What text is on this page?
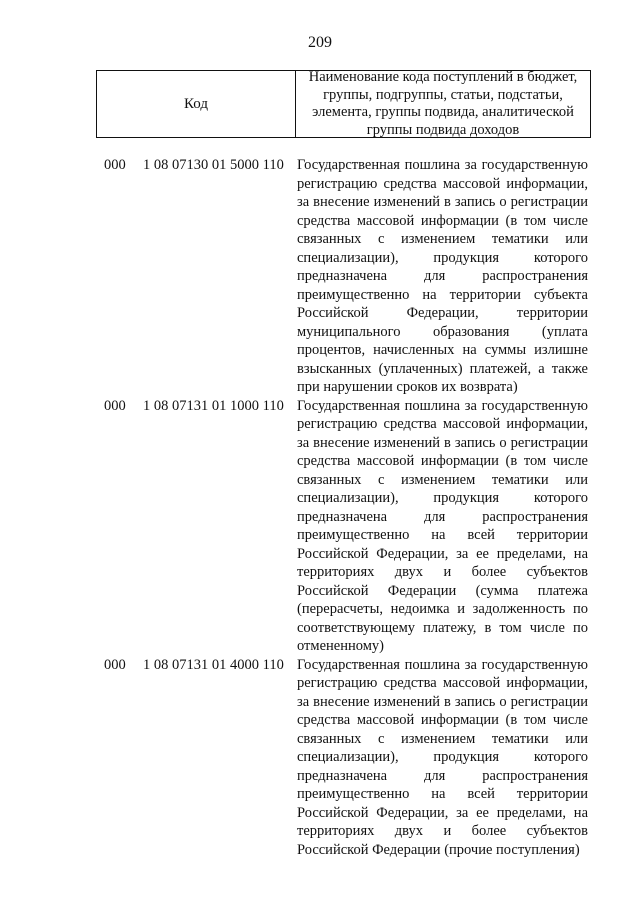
209
Код
Наименование кода поступлений в бюджет, группы, подгруппы, статьи, подстатьи, элемента, группы подвида, аналитической группы подвида доходов
000 1 08 07130 01 5000 110 Государственная пошлина за государственную
регистрацию средства массовой информации,
за внесение изменений в запись о регистрации
средства массовой информации (в том числе
связанных с изменением тематики или
специализации), продукция которого
предназначена для распространения
преимущественно на территории субъекта
Российской Федерации, территории
муниципального образования (уплата
процентов, начисленных на суммы излишне
взысканных (уплаченных) платежей, а также
при нарушении сроков их возврата)
000 1 08 07131 01 1000 110 Государственная пошлина за государственную
регистрацию средства массовой информации,
за внесение изменений в запись о регистрации
средства массовой информации (в том числе
связанных с изменением тематики или
специализации), продукция которого
предназначена для распространения
преимущественно на всей территории
Российской Федерации, за ее пределами, на
территориях двух и более субъектов
Российской Федерации (сумма платежа
(перерасчеты, недоимка и задолженность по
соответствующему платежу, в том числе по
отмененному)
000 1 08 07131 01 4000 110 Государственная пошлина за государственную
регистрацию средства массовой информации,
за внесение изменений в запись о регистрации
средства массовой информации (в том числе
связанных с изменением тематики или
специализации), продукция которого
предназначена для распространения
преимущественно на всей территории
Российской Федерации, за ее пределами, на
территориях двух и более субъектов
Российской Федерации (прочие поступления)
